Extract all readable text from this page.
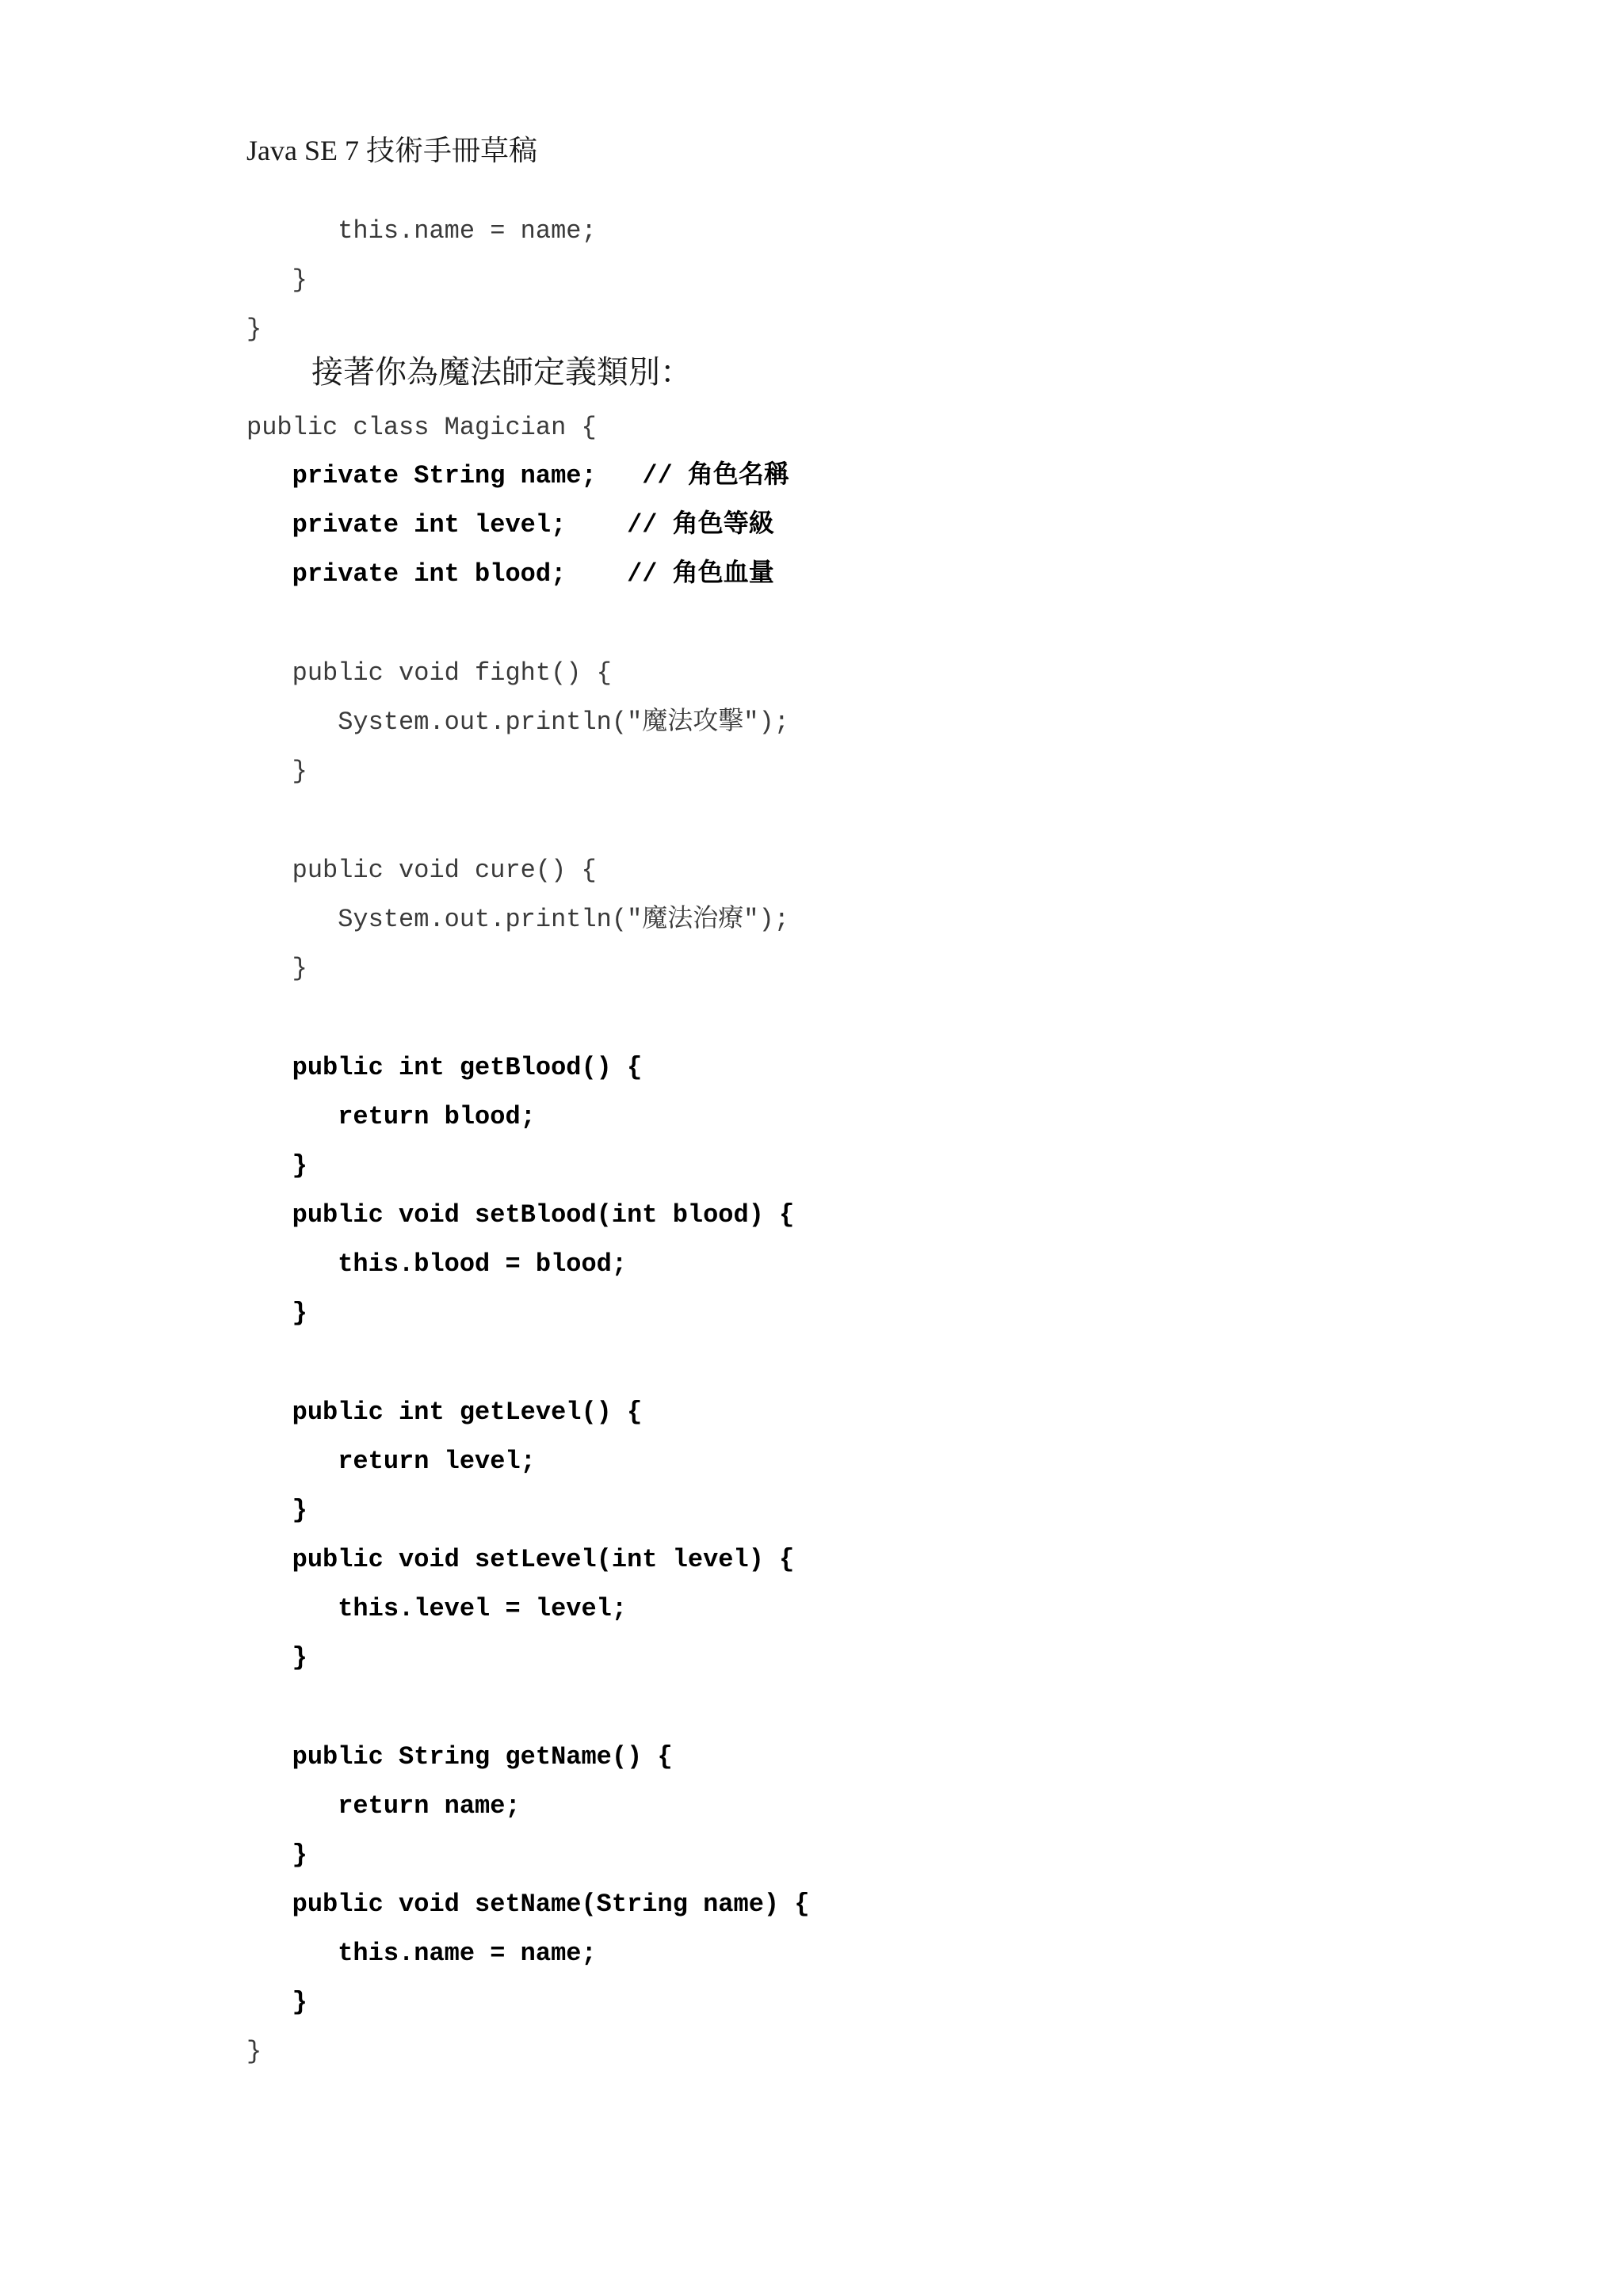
Java SE 7 技術手冊草稿
this.name = name;
}
}
接著你為魔法師定義類別：
public class Magician {
private String name;   // 角色名稱
private int level;    // 角色等級
private int blood;    // 角色血量
public void fight() {
System.out.println("魔法攻擊");
}
public void cure() {
System.out.println("魔法治療");
}
public int getBlood() {
return blood;
}
public void setBlood(int blood) {
this.blood = blood;
}
public int getLevel() {
return level;
}
public void setLevel(int level) {
this.level = level;
}
public String getName() {
return name;
}
public void setName(String name) {
this.name = name;
}
}
